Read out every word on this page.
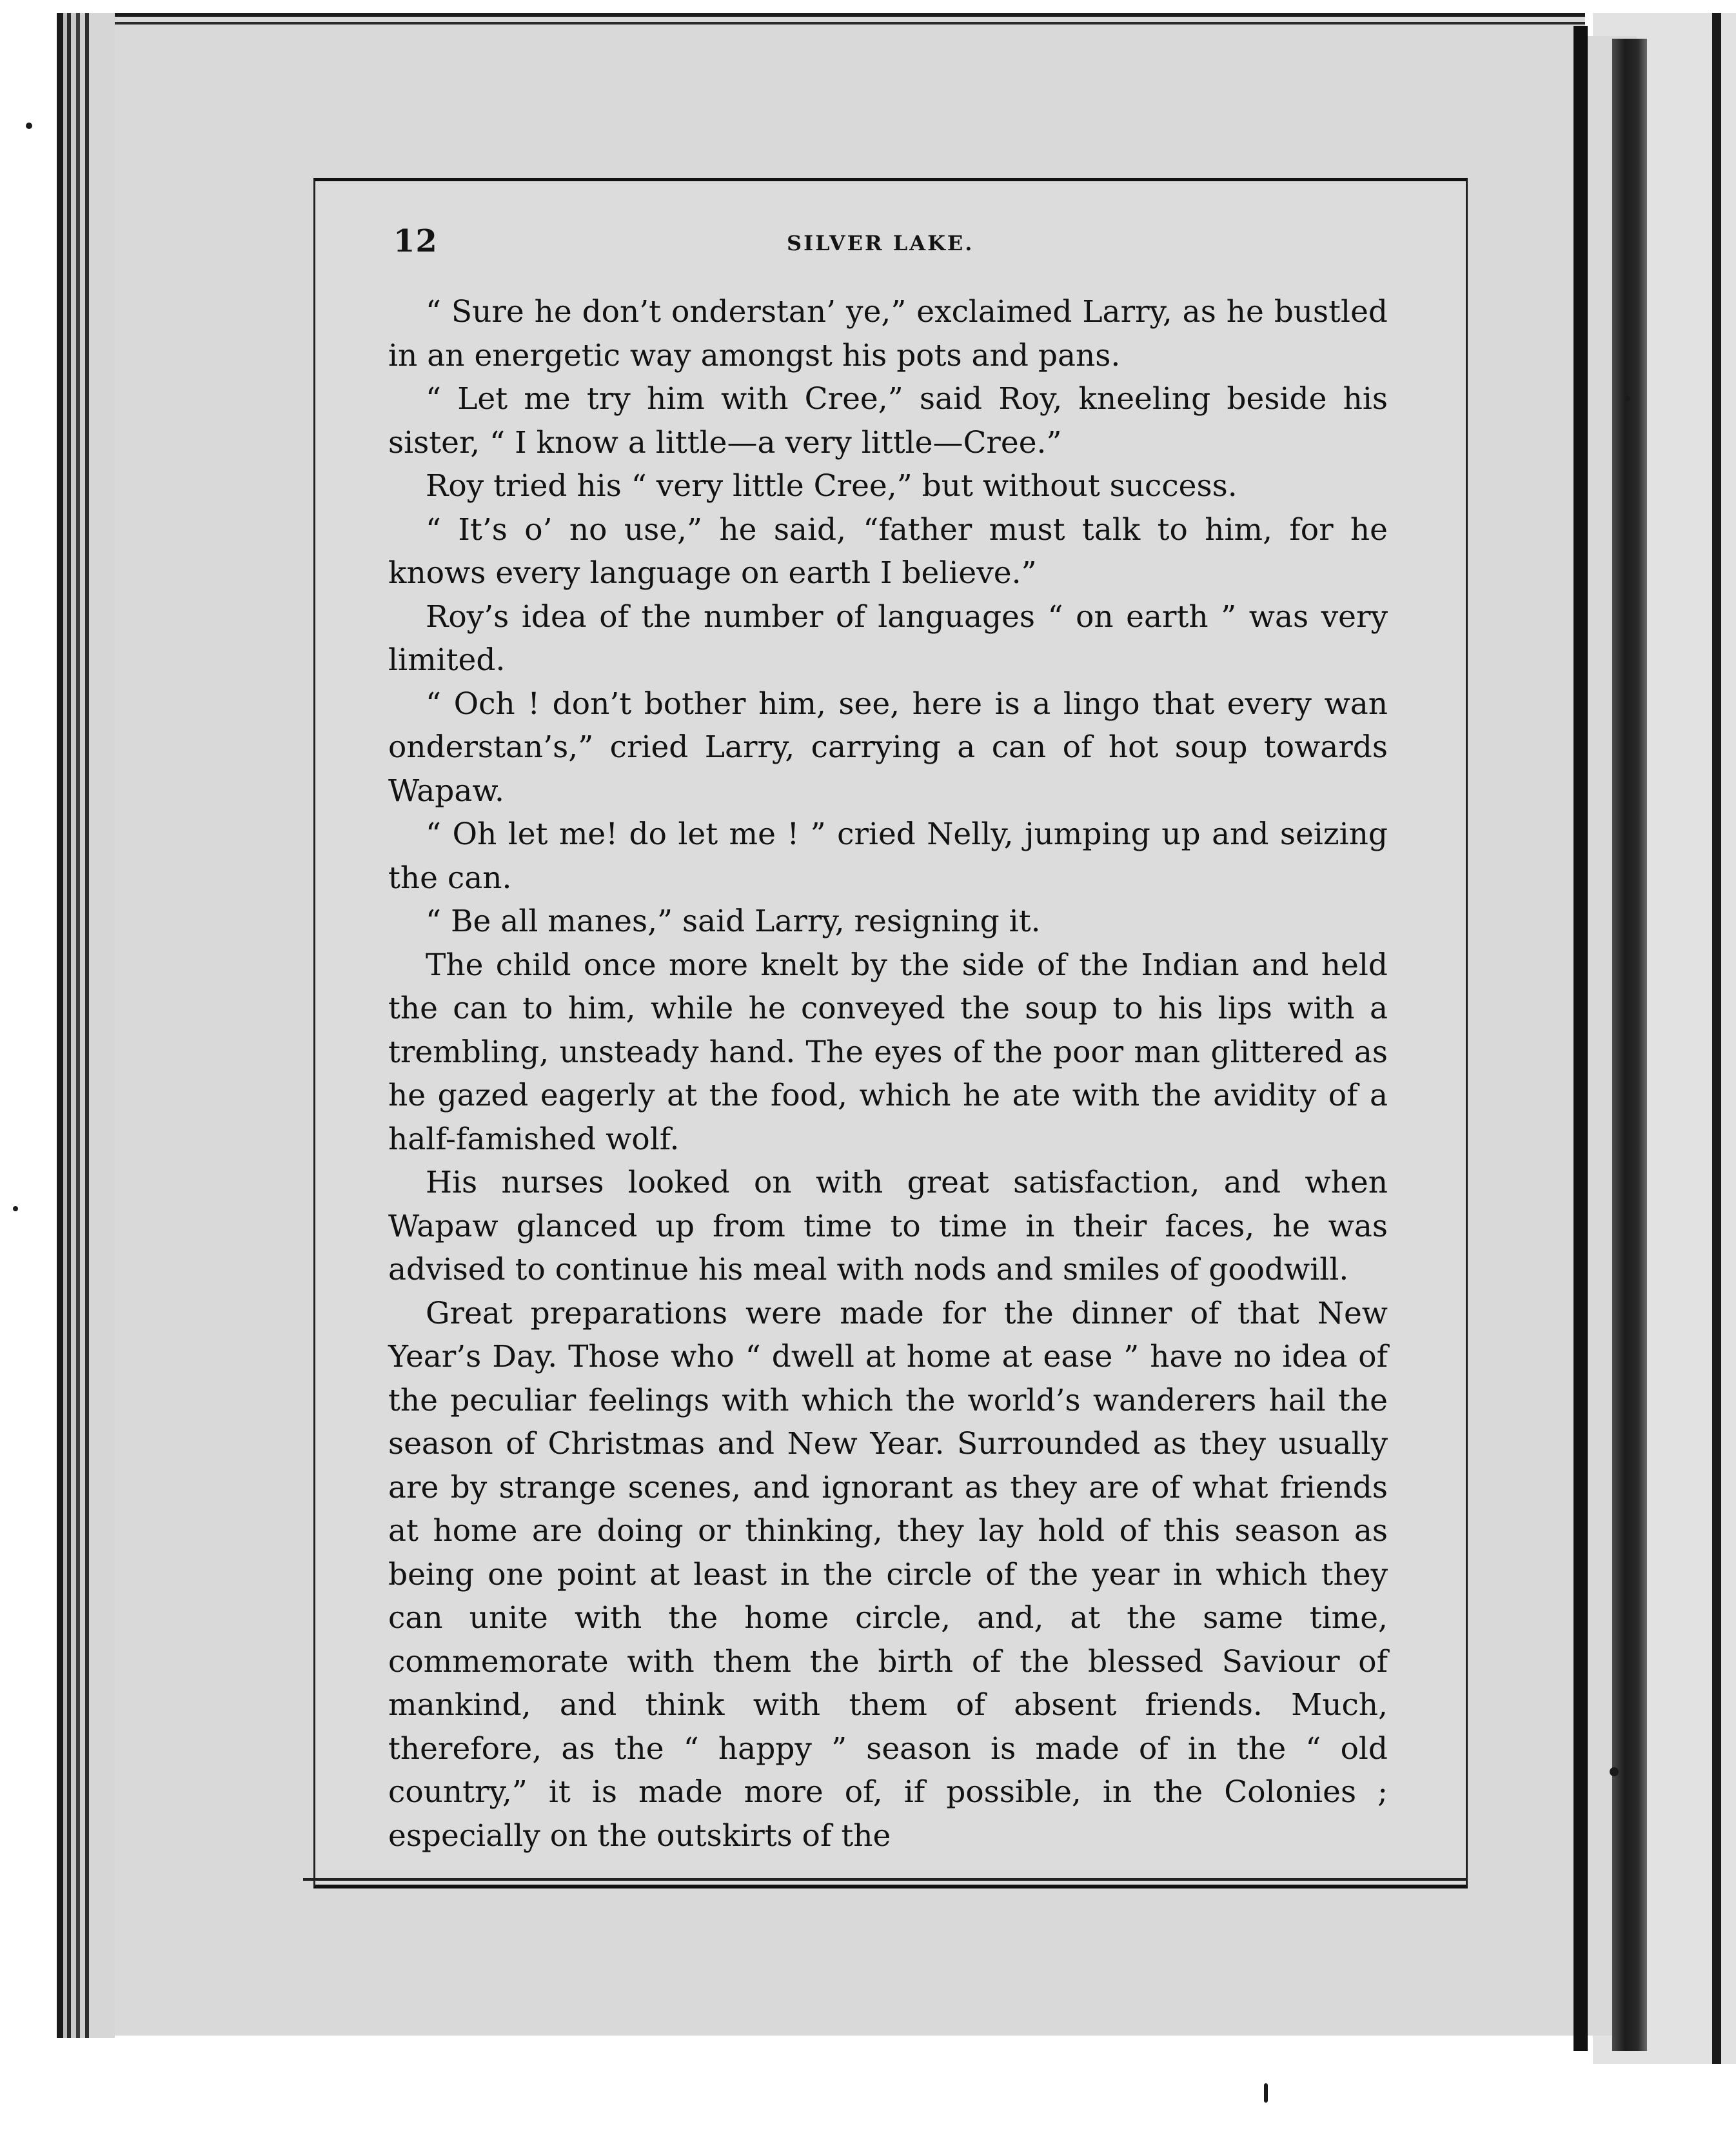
12	SILVER LAKE.

“ Sure he don’t onderstan’ ye,” exclaimed Larry, as he bustled in an energetic way amongst his pots and pans.

“ Let me try him with Cree,” said Roy, kneeling beside his sister, “ I know a little—a very little—Cree.”

Roy tried his “ very little Cree,” but without success.

“ It’s o’ no use,” he said, “father must talk to him, for he knows every language on earth I believe.”

Roy’s idea of the number of languages “ on earth ” was very limited.

“ Och ! don’t bother him, see, here is a lingo that every wan onderstan’s,” cried Larry, carrying a can of hot soup towards Wapaw.

“ Oh let me! do let me ! ” cried Nelly, jumping up and seizing the can.

“ Be all manes,” said Larry, resigning it.

The child once more knelt by the side of the Indian and held the can to him, while he conveyed the soup to his lips with a trembling, unsteady hand. The eyes of the poor man glittered as he gazed eagerly at the food, which he ate with the avidity of a half-famished wolf.

His nurses looked on with great satisfaction, and when Wapaw glanced up from time to time in their faces, he was advised to continue his meal with nods and smiles of goodwill.

Great preparations were made for the dinner of that New Year’s Day. Those who “ dwell at home at ease ” have no idea of the peculiar feelings with which the world’s wanderers hail the season of Christmas and New Year. Surrounded as they usually are by strange scenes, and ignorant as they are of what friends at home are doing or thinking, they lay hold of this season as being one point at least in the circle of the year in which they can unite with the home circle, and, at the same time, commemorate with them the birth of the blessed Saviour of mankind, and think with them of absent friends. Much, therefore, as the “ happy ” season is made of in the “ old country,” it is made more of, if possible, in the Colonies ; especially on the outskirts of the
